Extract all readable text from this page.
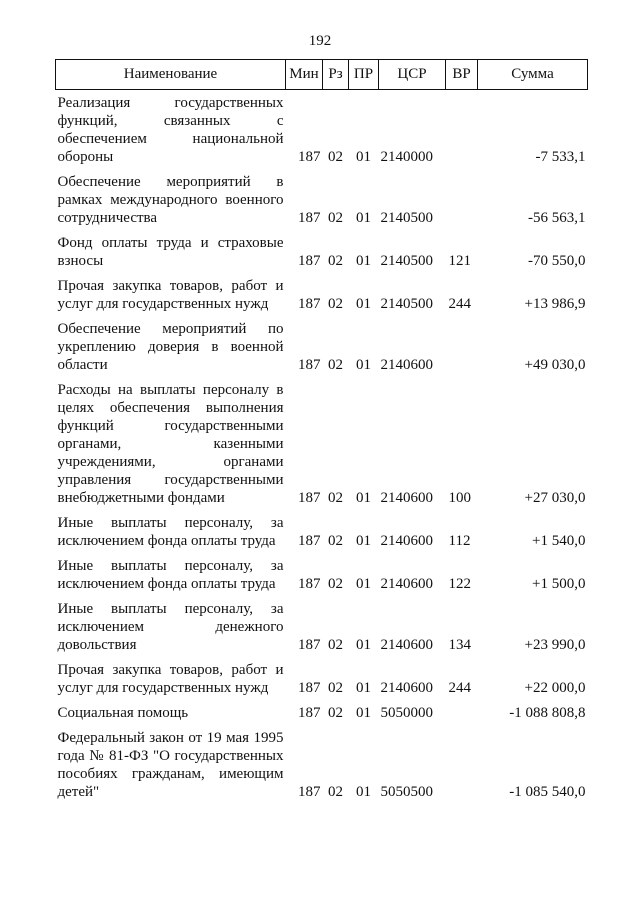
192
Наименование	Мин	Рз	ПР	ЦСР	ВР	Сумма
Реализация государственных функций, связанных с обеспечением национальной обороны	187	02	01	2140000		-7 533,1
Обеспечение мероприятий в рамках международного военного сотрудничества	187	02	01	2140500		-56 563,1
Фонд оплаты труда и страховые взносы	187	02	01	2140500	121	-70 550,0
Прочая закупка товаров, работ и услуг для государственных нужд	187	02	01	2140500	244	+13 986,9
Обеспечение мероприятий по укреплению доверия в военной области	187	02	01	2140600		+49 030,0
Расходы на выплаты персоналу в целях обеспечения выполнения функций государственными органами, казенными учреждениями, органами управления государственными внебюджетными фондами	187	02	01	2140600	100	+27 030,0
Иные выплаты персоналу, за исключением фонда оплаты труда	187	02	01	2140600	112	+1 540,0
Иные выплаты персоналу, за исключением фонда оплаты труда	187	02	01	2140600	122	+1 500,0
Иные выплаты персоналу, за исключением денежного довольствия	187	02	01	2140600	134	+23 990,0
Прочая закупка товаров, работ и услуг для государственных нужд	187	02	01	2140600	244	+22 000,0
Социальная помощь	187	02	01	5050000		-1 088 808,8
Федеральный закон от 19 мая 1995 года № 81-ФЗ "О государственных пособиях гражданам, имеющим детей"	187	02	01	5050500		-1 085 540,0
